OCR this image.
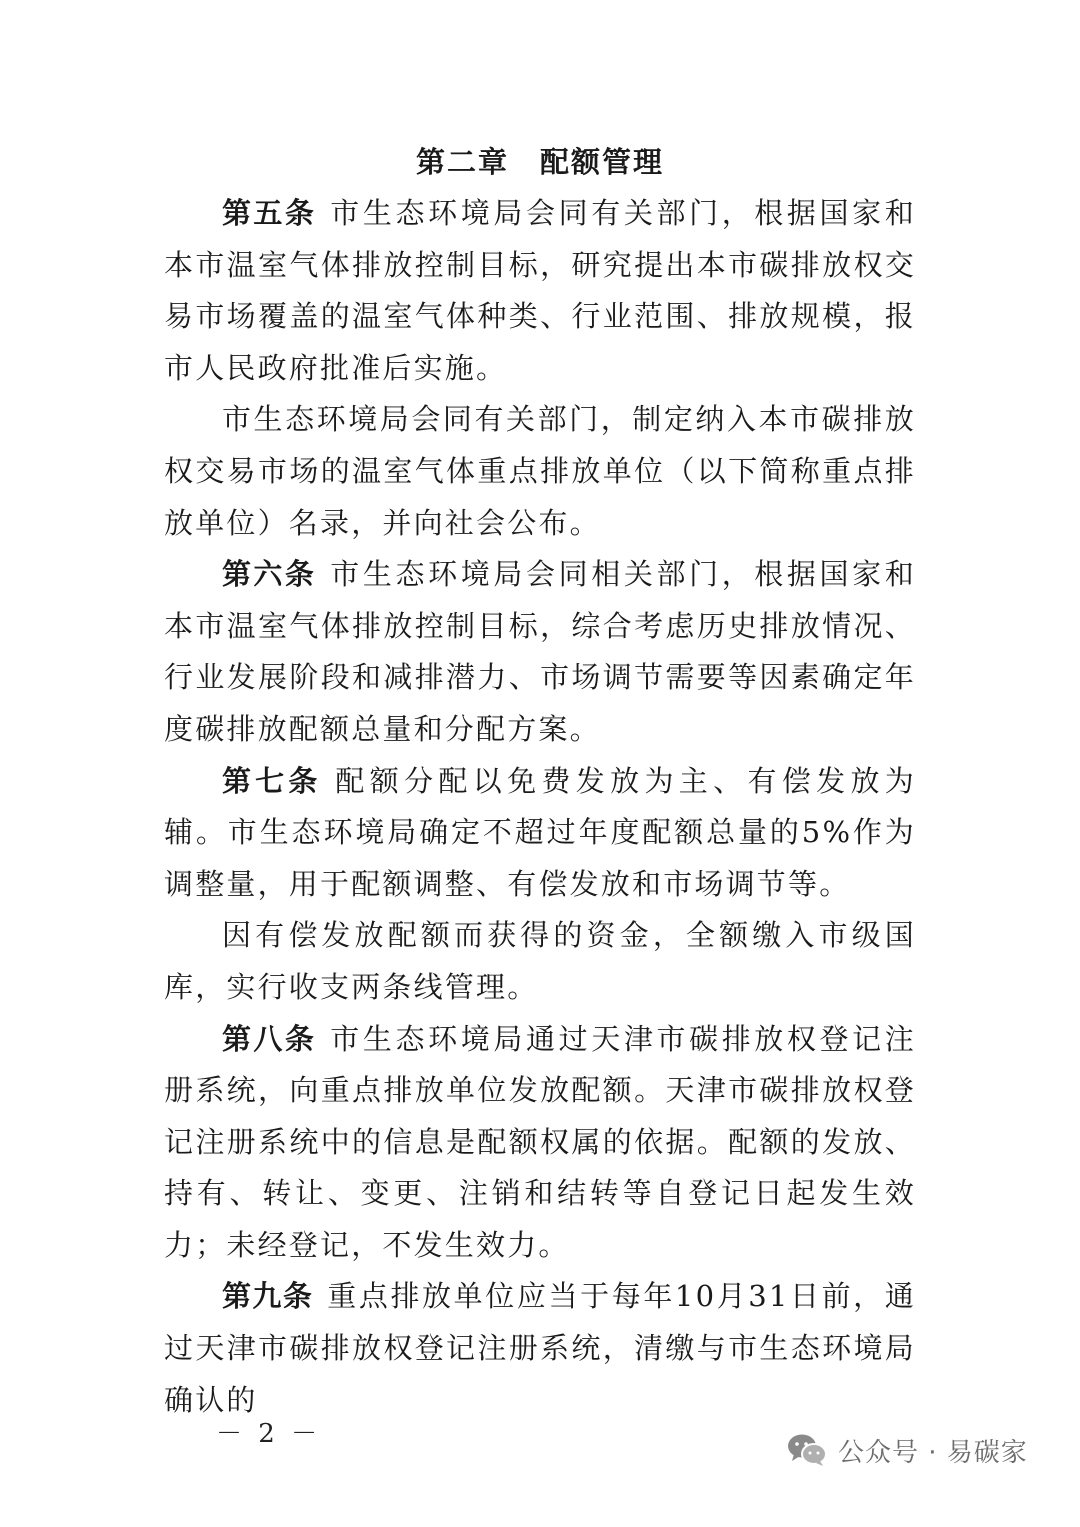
第二章　配额管理

第五条 市生态环境局会同有关部门，根据国家和本市温室气体排放控制目标，研究提出本市碳排放权交易市场覆盖的温室气体种类、行业范围、排放规模，报市人民政府批准后实施。

市生态环境局会同有关部门，制定纳入本市碳排放权交易市场的温室气体重点排放单位（以下简称重点排放单位）名录，并向社会公布。

第六条 市生态环境局会同相关部门，根据国家和本市温室气体排放控制目标，综合考虑历史排放情况、行业发展阶段和减排潜力、市场调节需要等因素确定年度碳排放配额总量和分配方案。

第七条 配额分配以免费发放为主、有偿发放为辅。市生态环境局确定不超过年度配额总量的5%作为调整量，用于配额调整、有偿发放和市场调节等。

因有偿发放配额而获得的资金，全额缴入市级国库，实行收支两条线管理。

第八条 市生态环境局通过天津市碳排放权登记注册系统，向重点排放单位发放配额。天津市碳排放权登记注册系统中的信息是配额权属的依据。配额的发放、持有、转让、变更、注销和结转等自登记日起发生效力；未经登记，不发生效力。

第九条 重点排放单位应当于每年10月31日前，通过天津市碳排放权登记注册系统，清缴与市生态环境局确认的

－ 2 －
公众号 · 易碳家
